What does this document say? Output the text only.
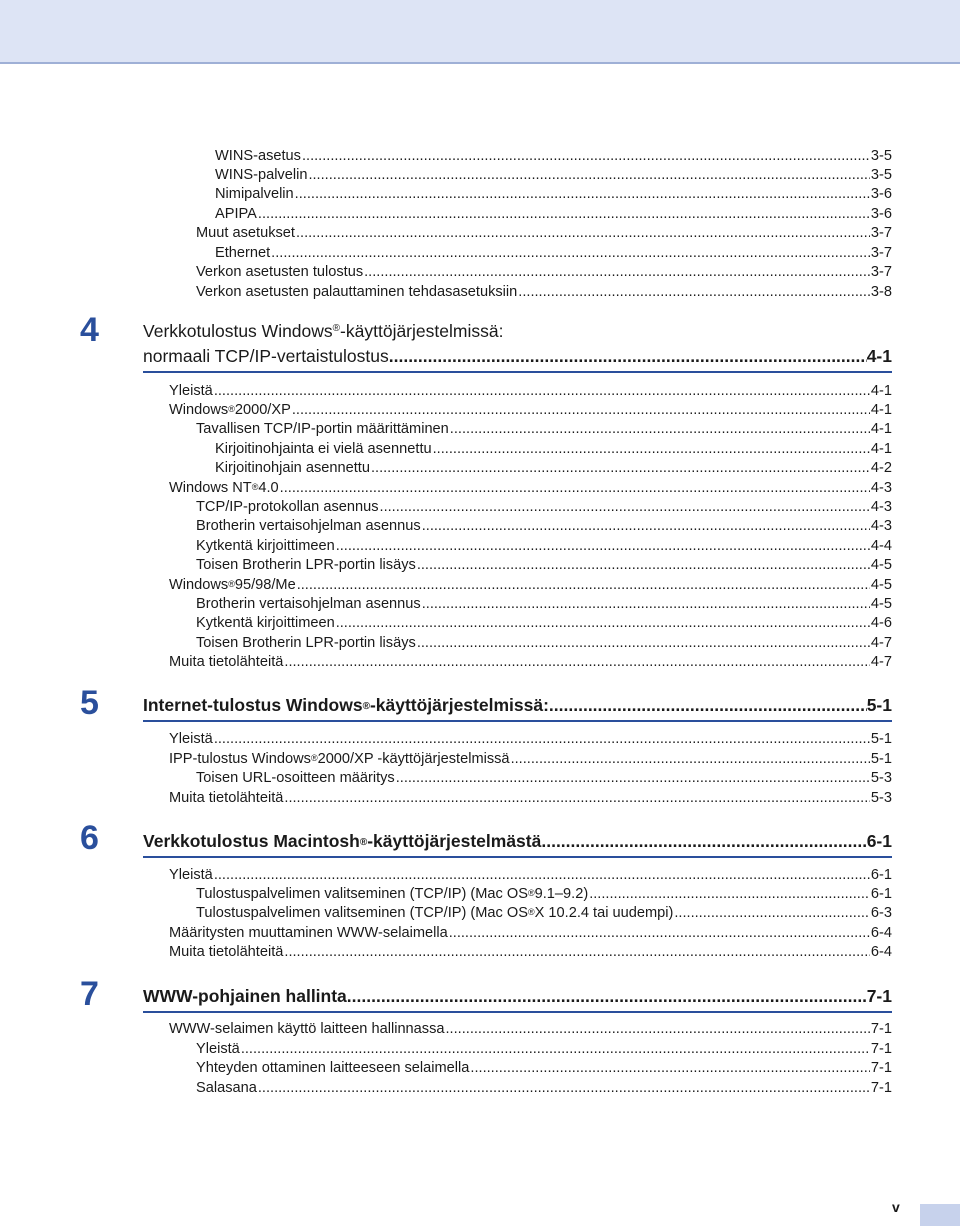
WINS-asetus .....	3-5
WINS-palvelin .....	3-5
Nimipalvelin .....	3-6
APIPA .....	3-6
Muut asetukset .....	3-7
Ethernet .....	3-7
Verkon asetusten tulostus .....	3-7
Verkon asetusten palauttaminen tehdasasetuksiin .....	3-8
4	Verkkotulostus Windows®-käyttöjärjestelmissä:
normaali TCP/IP-vertaistulostus .....	4-1
Yleistä .....	4-1
Windows® 2000/XP .....	4-1
Tavallisen TCP/IP-portin määrittäminen .....	4-1
Kirjoitinohjainta ei vielä asennettu .....	4-1
Kirjoitinohjain asennettu .....	4-2
Windows NT® 4.0 .....	4-3
TCP/IP-protokollan asennus .....	4-3
Brotherin vertaisohjelman asennus .....	4-3
Kytkentä kirjoittimeen .....	4-4
Toisen Brotherin LPR-portin lisäys .....	4-5
Windows® 95/98/Me .....	4-5
Brotherin vertaisohjelman asennus .....	4-5
Kytkentä kirjoittimeen .....	4-6
Toisen Brotherin LPR-portin lisäys .....	4-7
Muita tietolähteitä .....	4-7
5	Internet-tulostus Windows® -käyttöjärjestelmissä: .....	5-1
Yleistä .....	5-1
IPP-tulostus Windows® 2000/XP -käyttöjärjestelmissä .....	5-1
Toisen URL-osoitteen määritys .....	5-3
Muita tietolähteitä .....	5-3
6	Verkkotulostus Macintosh® -käyttöjärjestelmästä .....	6-1
Yleistä .....	6-1
Tulostuspalvelimen valitseminen (TCP/IP) (Mac OS® 9.1–9.2) .....	6-1
Tulostuspalvelimen valitseminen (TCP/IP) (Mac OS® X 10.2.4 tai uudempi) .....	6-3
Määritysten muuttaminen WWW-selaimella .....	6-4
Muita tietolähteitä .....	6-4
7	WWW-pohjainen hallinta .....	7-1
WWW-selaimen käyttö laitteen hallinnassa .....	7-1
Yleistä .....	7-1
Yhteyden ottaminen laitteeseen selaimella .....	7-1
Salasana .....	7-1
v
